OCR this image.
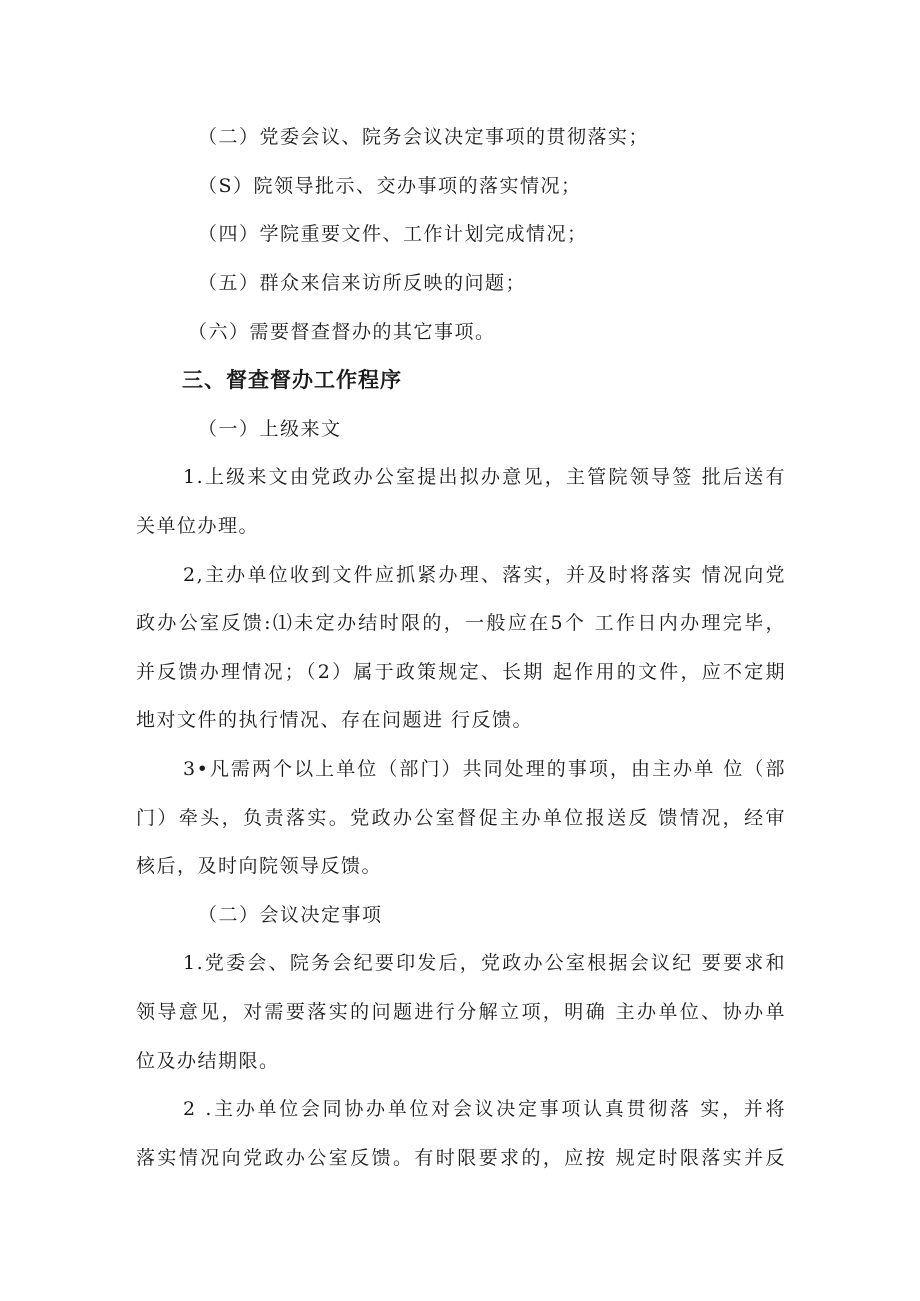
（二）党委会议、院务会议决定事项的贯彻落实；
（S）院领导批示、交办事项的落实情况；
（四）学院重要文件、工作计划完成情况；
（五）群众来信来访所反映的问题；
（六）需要督查督办的其它事项。
三、督查督办工作程序
（一）上级来文
1.上级来文由党政办公室提出拟办意见，主管院领导签 批后送有
关单位办理。
2,主办单位收到文件应抓紧办理、落实，并及时将落实 情况向党
政办公室反馈:⑴未定办结时限的，一般应在5个 工作日内办理完毕，
并反馈办理情况；（2）属于政策规定、长期 起作用的文件，应不定期
地对文件的执行情况、存在问题进 行反馈。
3•凡需两个以上单位（部门）共同处理的事项，由主办单 位（部
门）牵头，负责落实。党政办公室督促主办单位报送反 馈情况，经审
核后，及时向院领导反馈。
（二）会议决定事项
1.党委会、院务会纪要印发后，党政办公室根据会议纪 要要求和
领导意见，对需要落实的问题进行分解立项，明确 主办单位、协办单
位及办结期限。
2 .主办单位会同协办单位对会议决定事项认真贯彻落 实，并将
落实情况向党政办公室反馈。有时限要求的，应按 规定时限落实并反
